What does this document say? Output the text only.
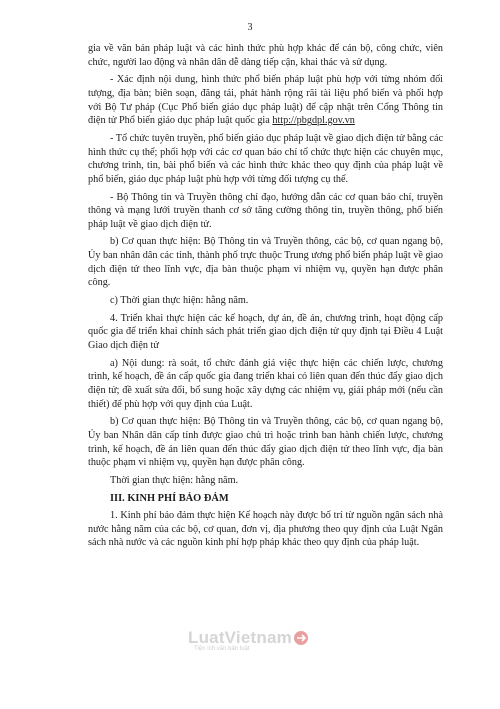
3

gia về văn bản pháp luật và các hình thức phù hợp khác để cán bộ, công chức, viên chức, người lao động và nhân dân dễ dàng tiếp cận, khai thác và sử dụng.

- Xác định nội dung, hình thức phổ biến pháp luật phù hợp với từng nhóm đối tượng, địa bàn; biên soạn, đăng tải, phát hành rộng rãi tài liệu phổ biến và phối hợp với Bộ Tư pháp (Cục Phổ biến giáo dục pháp luật) để cập nhật trên Cổng Thông tin điện tử Phổ biến giáo dục pháp luật quốc gia http://pbgdpl.gov.vn

- Tổ chức tuyên truyền, phổ biến giáo dục pháp luật về giao dịch điện tử bằng các hình thức cụ thể; phối hợp với các cơ quan báo chí tổ chức thực hiện các chuyên mục, chương trình, tin, bài phổ biến và các hình thức khác theo quy định của pháp luật về phổ biến, giáo dục pháp luật phù hợp với từng đối tượng cụ thể.

- Bộ Thông tin và Truyền thông chỉ đạo, hướng dẫn các cơ quan báo chí, truyền thông và mạng lưới truyền thanh cơ sở tăng cường thông tin, truyền thông, phổ biến pháp luật về giao dịch điện tử.

b) Cơ quan thực hiện: Bộ Thông tin và Truyền thông, các bộ, cơ quan ngang bộ, Ủy ban nhân dân các tỉnh, thành phố trực thuộc Trung ương phổ biến pháp luật về giao dịch điện tử theo lĩnh vực, địa bàn thuộc phạm vi nhiệm vụ, quyền hạn được phân công.

c) Thời gian thực hiện: hằng năm.

4. Triển khai thực hiện các kế hoạch, dự án, đề án, chương trình, hoạt động cấp quốc gia để triển khai chính sách phát triển giao dịch điện tử quy định tại Điều 4 Luật Giao dịch điện tử

a) Nội dung: rà soát, tổ chức đánh giá việc thực hiện các chiến lược, chương trình, kế hoạch, đề án cấp quốc gia đang triển khai có liên quan đến thúc đẩy giao dịch điện tử; đề xuất sửa đổi, bổ sung hoặc xây dựng các nhiệm vụ, giải pháp mới (nếu cần thiết) để phù hợp với quy định của Luật.

b) Cơ quan thực hiện: Bộ Thông tin và Truyền thông, các bộ, cơ quan ngang bộ, Ủy ban Nhân dân cấp tỉnh được giao chủ trì hoặc trình ban hành chiến lược, chương trình, kế hoạch, đề án liên quan đến thúc đẩy giao dịch điện tử theo lĩnh vực, địa bàn thuộc phạm vi nhiệm vụ, quyền hạn được phân công.

Thời gian thực hiện: hằng năm.

III. KINH PHÍ BẢO ĐẢM

1. Kinh phí bảo đảm thực hiện Kế hoạch này được bố trí từ nguồn ngân sách nhà nước hằng năm của các bộ, cơ quan, đơn vị, địa phương theo quy định của Luật Ngân sách nhà nước và các nguồn kinh phí hợp pháp khác theo quy định của pháp luật.

LuatVietnam
Tiện ích văn bản luật
